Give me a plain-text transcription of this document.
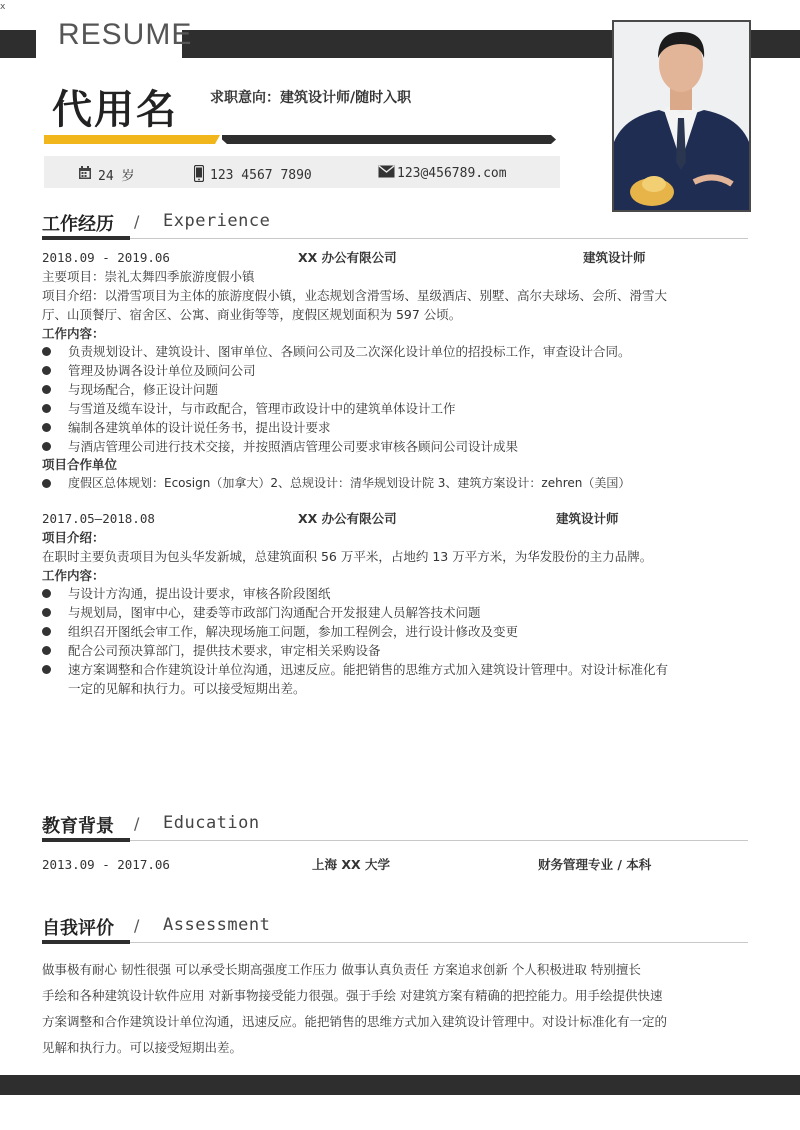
x
RESUME
代用名 求职意向：建筑设计师/随时入职
24 岁	123 4567 7890	123@456789.com
工作经历 / Experience
2018.09 - 2019.06	XX 办公有限公司	建筑设计师
主要项目：崇礼太舞四季旅游度假小镇
项目介绍：以滑雪项目为主体的旅游度假小镇，业态规划含滑雪场、星级酒店、别墅、高尔夫球场、会所、滑雪大
厅、山顶餐厅、宿舍区、公寓、商业街等等，度假区规划面积为 597 公顷。
工作内容：
负责规划设计、建筑设计、图审单位、各顾问公司及二次深化设计单位的招投标工作，审查设计合同。
管理及协调各设计单位及顾问公司
与现场配合，修正设计问题
与雪道及缆车设计，与市政配合，管理市政设计中的建筑单体设计工作
编制各建筑单体的设计说任务书，提出设计要求
与酒店管理公司进行技术交接，并按照酒店管理公司要求审核各顾问公司设计成果
项目合作单位
度假区总体规划：Ecosign（加拿大）2、总规设计：清华规划设计院 3、建筑方案设计：zehren（美国）
2017.05—2018.08	XX 办公有限公司	建筑设计师
项目介绍：
在职时主要负责项目为包头华发新城，总建筑面积 56 万平米，占地约 13 万平方米，为华发股份的主力品牌。
工作内容：
与设计方沟通，提出设计要求，审核各阶段图纸
与规划局，图审中心，建委等市政部门沟通配合开发报建人员解答技术问题
组织召开图纸会审工作，解决现场施工问题，参加工程例会，进行设计修改及变更
配合公司预决算部门，提供技术要求，审定相关采购设备
速方案调整和合作建筑设计单位沟通，迅速反应。能把销售的思维方式加入建筑设计管理中。对设计标准化有
一定的见解和执行力。可以接受短期出差。
教育背景 / Education
2013.09 - 2017.06	上海 XX 大学	财务管理专业 / 本科
自我评价 / Assessment
做事极有耐心 韧性很强 可以承受长期高强度工作压力 做事认真负责任 方案追求创新 个人积极进取 特别擅长
手绘和各种建筑设计软件应用 对新事物接受能力很强。强于手绘 对建筑方案有精确的把控能力。用手绘提供快速
方案调整和合作建筑设计单位沟通，迅速反应。能把销售的思维方式加入建筑设计管理中。对设计标准化有一定的
见解和执行力。可以接受短期出差。
